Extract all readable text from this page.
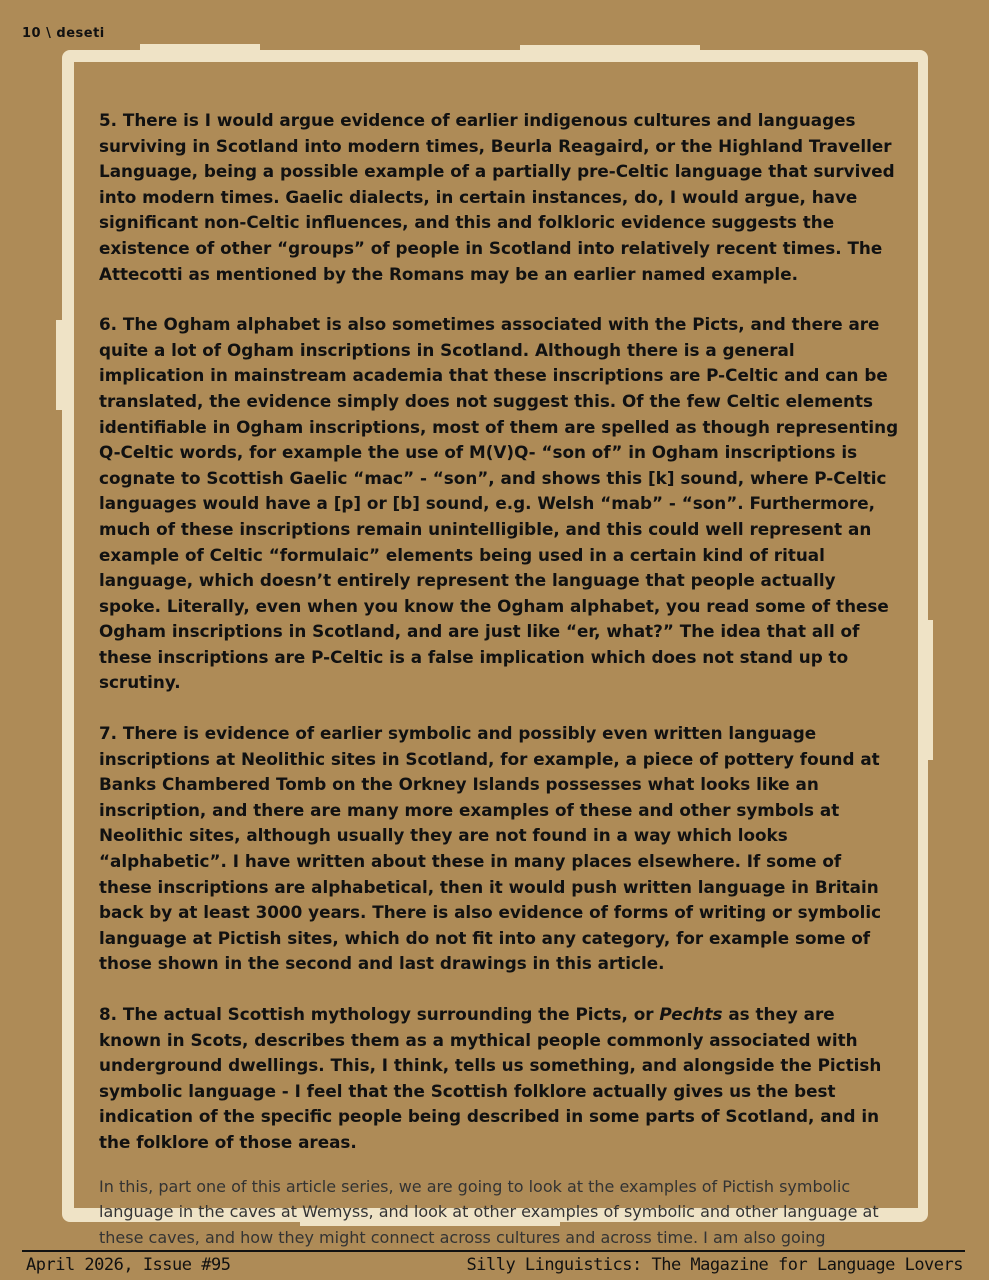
10 \ deseti

5. There is I would argue evidence of earlier indigenous cultures and languages surviving in Scotland into modern times, Beurla Reagaird, or the Highland Traveller Language, being a possible example of a partially pre-Celtic language that survived into modern times. Gaelic dialects, in certain instances, do, I would argue, have significant non-Celtic influences, and this and folkloric evidence suggests the existence of other “groups” of people in Scotland into relatively recent times. The Attecotti as mentioned by the Romans may be an earlier named example.

6. The Ogham alphabet is also sometimes associated with the Picts, and there are quite a lot of Ogham inscriptions in Scotland. Although there is a general implication in mainstream academia that these inscriptions are P-Celtic and can be translated, the evidence simply does not suggest this. Of the few Celtic elements identifiable in Ogham inscriptions, most of them are spelled as though representing Q-Celtic words, for example the use of M(V)Q- “son of” in Ogham inscriptions is cognate to Scottish Gaelic “mac” - “son”, and shows this [k] sound, where P-Celtic languages would have a [p] or [b] sound, e.g. Welsh “mab” - “son”. Furthermore, much of these inscriptions remain unintelligible, and this could well represent an example of Celtic “formulaic” elements being used in a certain kind of ritual language, which doesn’t entirely represent the language that people actually spoke. Literally, even when you know the Ogham alphabet, you read some of these Ogham inscriptions in Scotland, and are just like “er, what?” The idea that all of these inscriptions are P-Celtic is a false implication which does not stand up to scrutiny.

7. There is evidence of earlier symbolic and possibly even written language inscriptions at Neolithic sites in Scotland, for example, a piece of pottery found at Banks Chambered Tomb on the Orkney Islands possesses what looks like an inscription, and there are many more examples of these and other symbols at Neolithic sites, although usually they are not found in a way which looks “alphabetic”. I have written about these in many places elsewhere. If some of these inscriptions are alphabetical, then it would push written language in Britain back by at least 3000 years. There is also evidence of forms of writing or symbolic language at Pictish sites, which do not fit into any category, for example some of those shown in the second and last drawings in this article.

8. The actual Scottish mythology surrounding the Picts, or Pechts as they are known in Scots, describes them as a mythical people commonly associated with underground dwellings. This, I think, tells us something, and alongside the Pictish symbolic language - I feel that the Scottish folklore actually gives us the best indication of the specific people being described in some parts of Scotland, and in the folklore of those areas.

In this, part one of this article series, we are going to look at the examples of Pictish symbolic language in the caves at Wemyss, and look at other examples of symbolic and other language at these caves, and how they might connect across cultures and across time. I am also going

April 2026, Issue #95	Silly Linguistics: The Magazine for Language Lovers
